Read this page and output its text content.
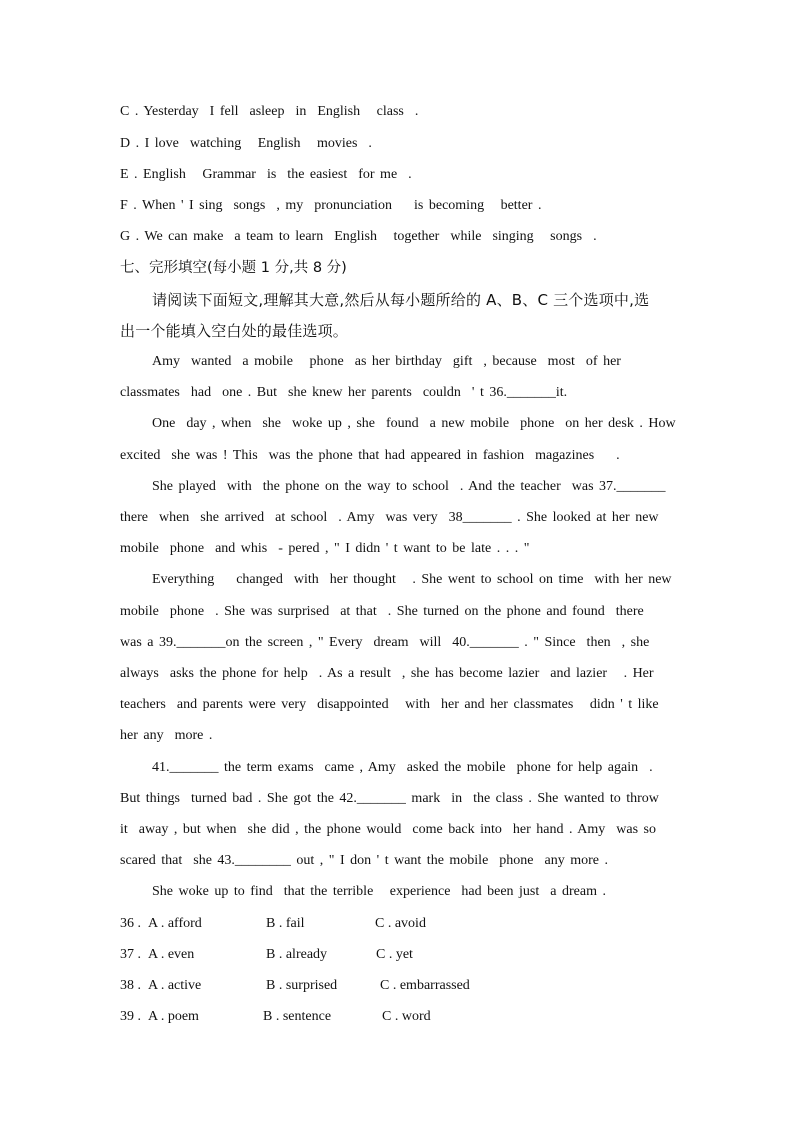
C . Yesterday  I fell  asleep  in  English   class  .
D . I love  watching   English   movies  .
E . English   Grammar  is  the easiest  for me  .
F . When ' I sing  songs  , my  pronunciation    is becoming   better .
G . We can make  a team to learn  English   together  while  singing   songs  .
七、完形填空(每小题 1 分,共 8 分)
请阅读下面短文,理解其大意,然后从每小题所给的 A、B、C 三个选项中,选
出一个能填入空白处的最佳选项。
Amy  wanted  a mobile   phone  as her birthday  gift  , because  most  of her
classmates  had  one . But  she knew her parents  couldn  ' t 36._______it.
One  day , when  she  woke up , she  found  a new mobile  phone  on her desk . How
excited  she was ! This  was the phone that had appeared in fashion  magazines    .
She played  with  the phone on the way to school  . And the teacher  was 37._______
there  when  she arrived  at school  . Amy  was very  38_______ . She looked at her new
mobile  phone  and whis  - pered , " I didn ' t want to be late . . . "
Everything    changed  with  her thought   . She went to school on time  with her new
mobile  phone  . She was surprised  at that  . She turned on the phone and found  there
was a 39._______on the screen , " Every  dream  will  40._______ . " Since  then  , she
always  asks the phone for help  . As a result  , she has become lazier  and lazier   . Her
teachers  and parents were very  disappointed   with  her and her classmates   didn ' t like
her any  more .
41._______ the term exams  came , Amy  asked the mobile  phone for help again  .
But things  turned bad . She got the 42._______ mark  in  the class . She wanted to throw
it  away , but when  she did , the phone would  come back into  her hand . Amy  was so
scared that  she 43.________ out , " I don ' t want the mobile  phone  any more .
She woke up to find  that the terrible   experience  had been just  a dream .
36 . A . afford	B . fail	C . avoid
37 . A . even	B . already	C . yet
38 . A . active	B . surprised	C . embarrassed
39 . A . poem	B . sentence	C . word
